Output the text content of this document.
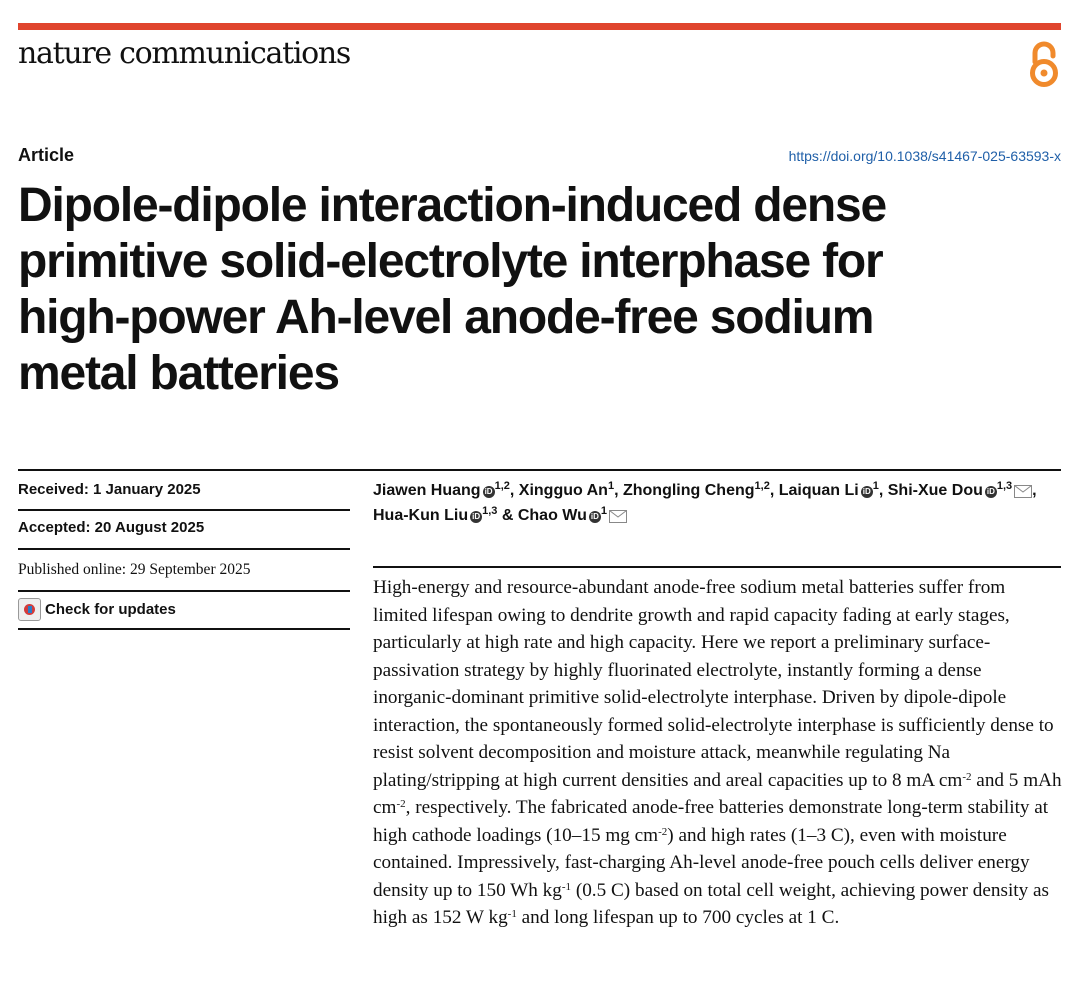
nature communications
Article	https://doi.org/10.1038/s41467-025-63593-x
Dipole-dipole interaction-induced dense
primitive solid-electrolyte interphase for
high-power Ah-level anode-free sodium
metal batteries
Received: 1 January 2025
Accepted: 20 August 2025
Published online: 29 September 2025
Check for updates
Jiawen Huang iD $^{1,2}$, Xingguo An$^1$, Zhongling Cheng$^{1,2}$, Laiquan Li iD $^1$, Shi-Xue Dou iD $^{1,3}$ , Hua-Kun Liu iD $^{1,3}$ & Chao Wu iD $^1$

High-energy and resource-abundant anode-free sodium metal batteries suffer from limited lifespan owing to dendrite growth and rapid capacity fading at early stages, particularly at high rate and high capacity. Here we report a preliminary surface-passivation strategy by highly fluorinated electrolyte, instantly forming a dense inorganic-dominant primitive solid-electrolyte interphase. Driven by dipole-dipole interaction, the spontaneously formed solid-electrolyte interphase is sufficiently dense to resist solvent decomposition and moisture attack, meanwhile regulating Na plating/stripping at high current densities and areal capacities up to 8 mA $cm^{-2}$ and 5 mAh $cm^{-2}$, respectively. The fabricated anode-free batteries demonstrate long-term stability at high cathode loadings (10–15 mg $cm^{-2}$) and high rates (1–3 C), even with moisture contained. Impressively, fast-charging Ah-level anode-free pouch cells deliver energy density up to 150 Wh $kg^{-1}$ (0.5 C) based on total cell weight, achieving power density as high as 152 W $kg^{-1}$ and long lifespan up to 700 cycles at 1 C.
